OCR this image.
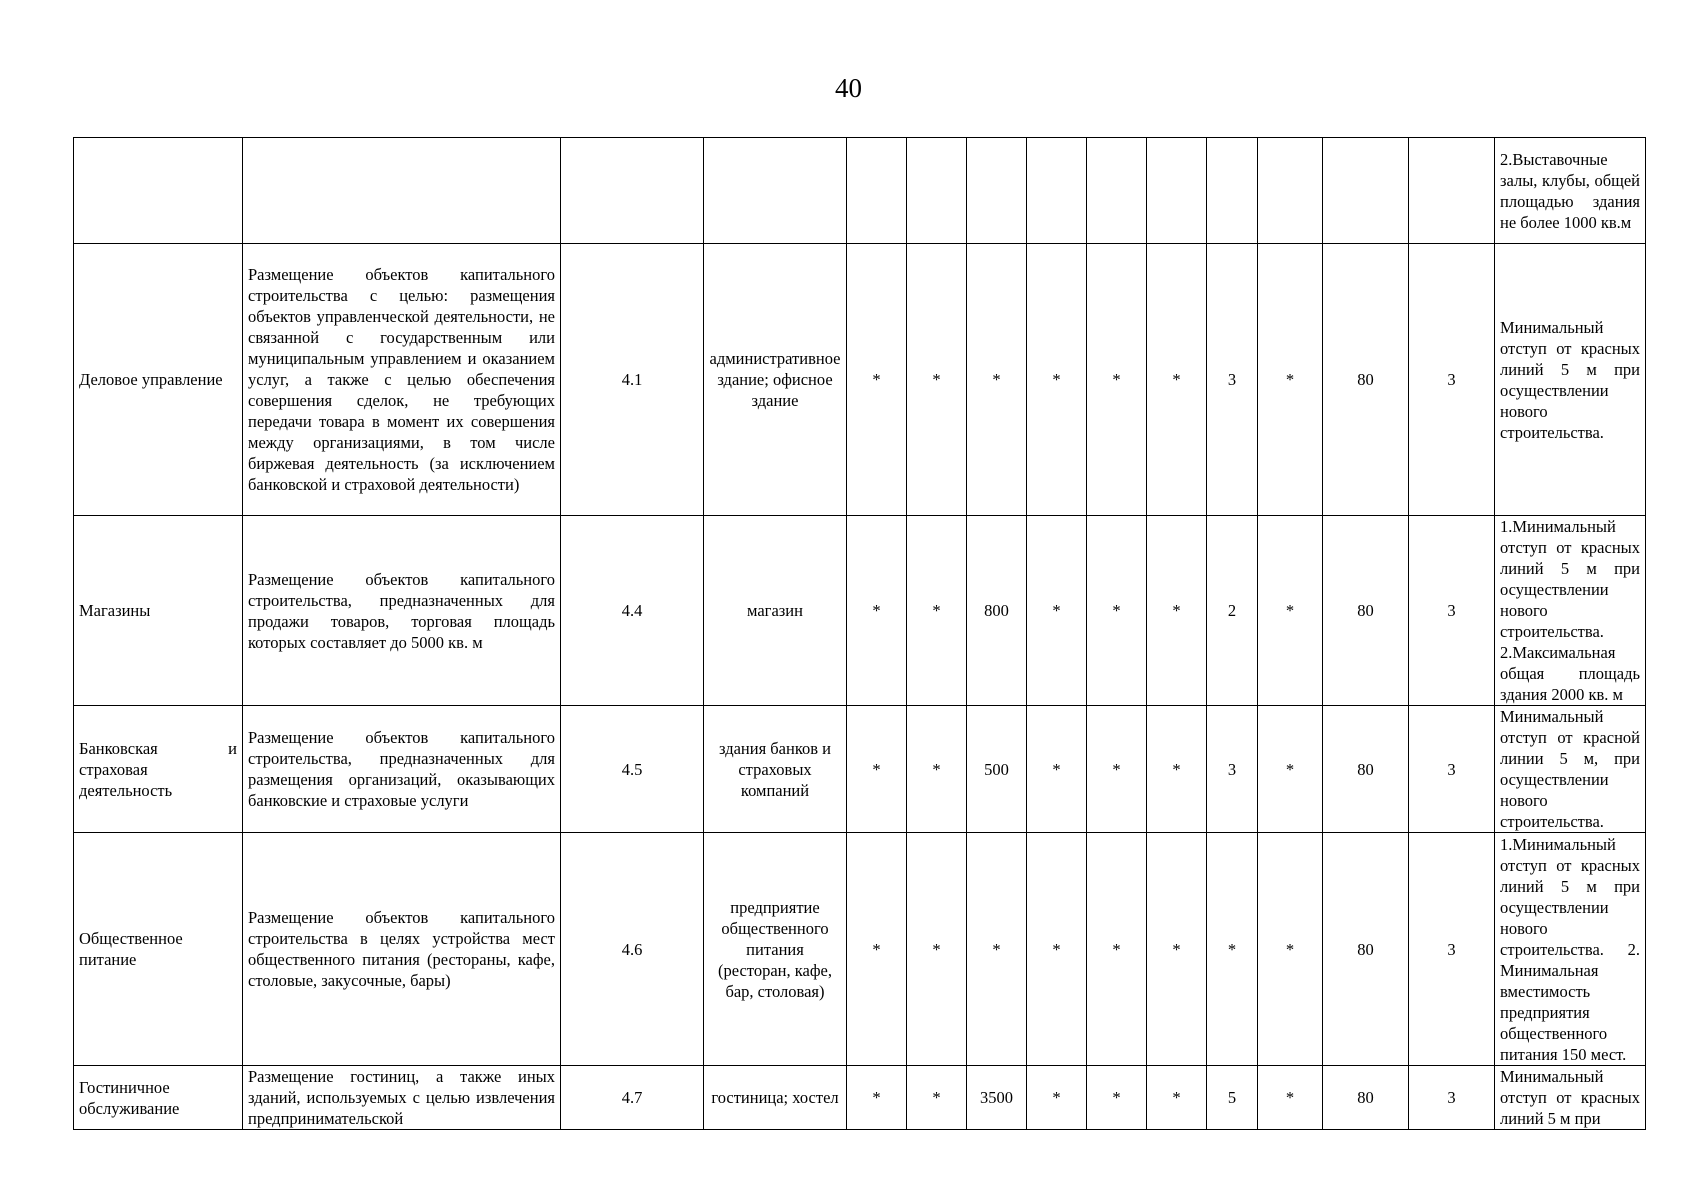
40
														2.Выставочные залы, клубы, общей площадью здания не более 1000 кв.м
Деловое управление	Размещение объектов капитального строительства с целью: размещения объектов управленческой деятельности, не связанной с государственным или муниципальным управлением и оказанием услуг, а также с целью обеспечения совершения сделок, не требующих передачи товара в момент их совершения между организациями, в том числе биржевая деятельность (за исключением банковской и страховой деятельности)	4.1	административное здание; офисное здание	*	*	*	*	*	*	3	*	80	3	Минимальный отступ от красных линий 5 м при осуществлении нового строительства.
Магазины	Размещение объектов капитального строительства, предназначенных для продажи товаров, торговая площадь которых составляет до 5000 кв. м	4.4	магазин	*	*	800	*	*	*	2	*	80	3	1.Минимальный отступ от красных линий 5 м при осуществлении нового строительства. 2.Максимальная общая площадь здания 2000 кв. м
Банковская и страховая деятельность	Размещение объектов капитального строительства, предназначенных для размещения организаций, оказывающих банковские и страховые услуги	4.5	здания банков и страховых компаний	*	*	500	*	*	*	3	*	80	3	Минимальный отступ от красной линии 5 м, при осуществлении нового строительства.
Общественное питание	Размещение объектов капитального строительства в целях устройства мест общественного питания (рестораны, кафе, столовые, закусочные, бары)	4.6	предприятие общественного питания (ресторан, кафе, бар, столовая)	*	*	*	*	*	*	*	*	80	3	1.Минимальный отступ от красных линий 5 м при осуществлении нового строительства. 2. Минимальная вместимость предприятия общественного питания 150 мест.
Гостиничное обслуживание	Размещение гостиниц, а также иных зданий, используемых с целью извлечения предпринимательской	4.7	гостиница; хостел	*	*	3500	*	*	*	5	*	80	3	Минимальный отступ от красных линий 5 м при
